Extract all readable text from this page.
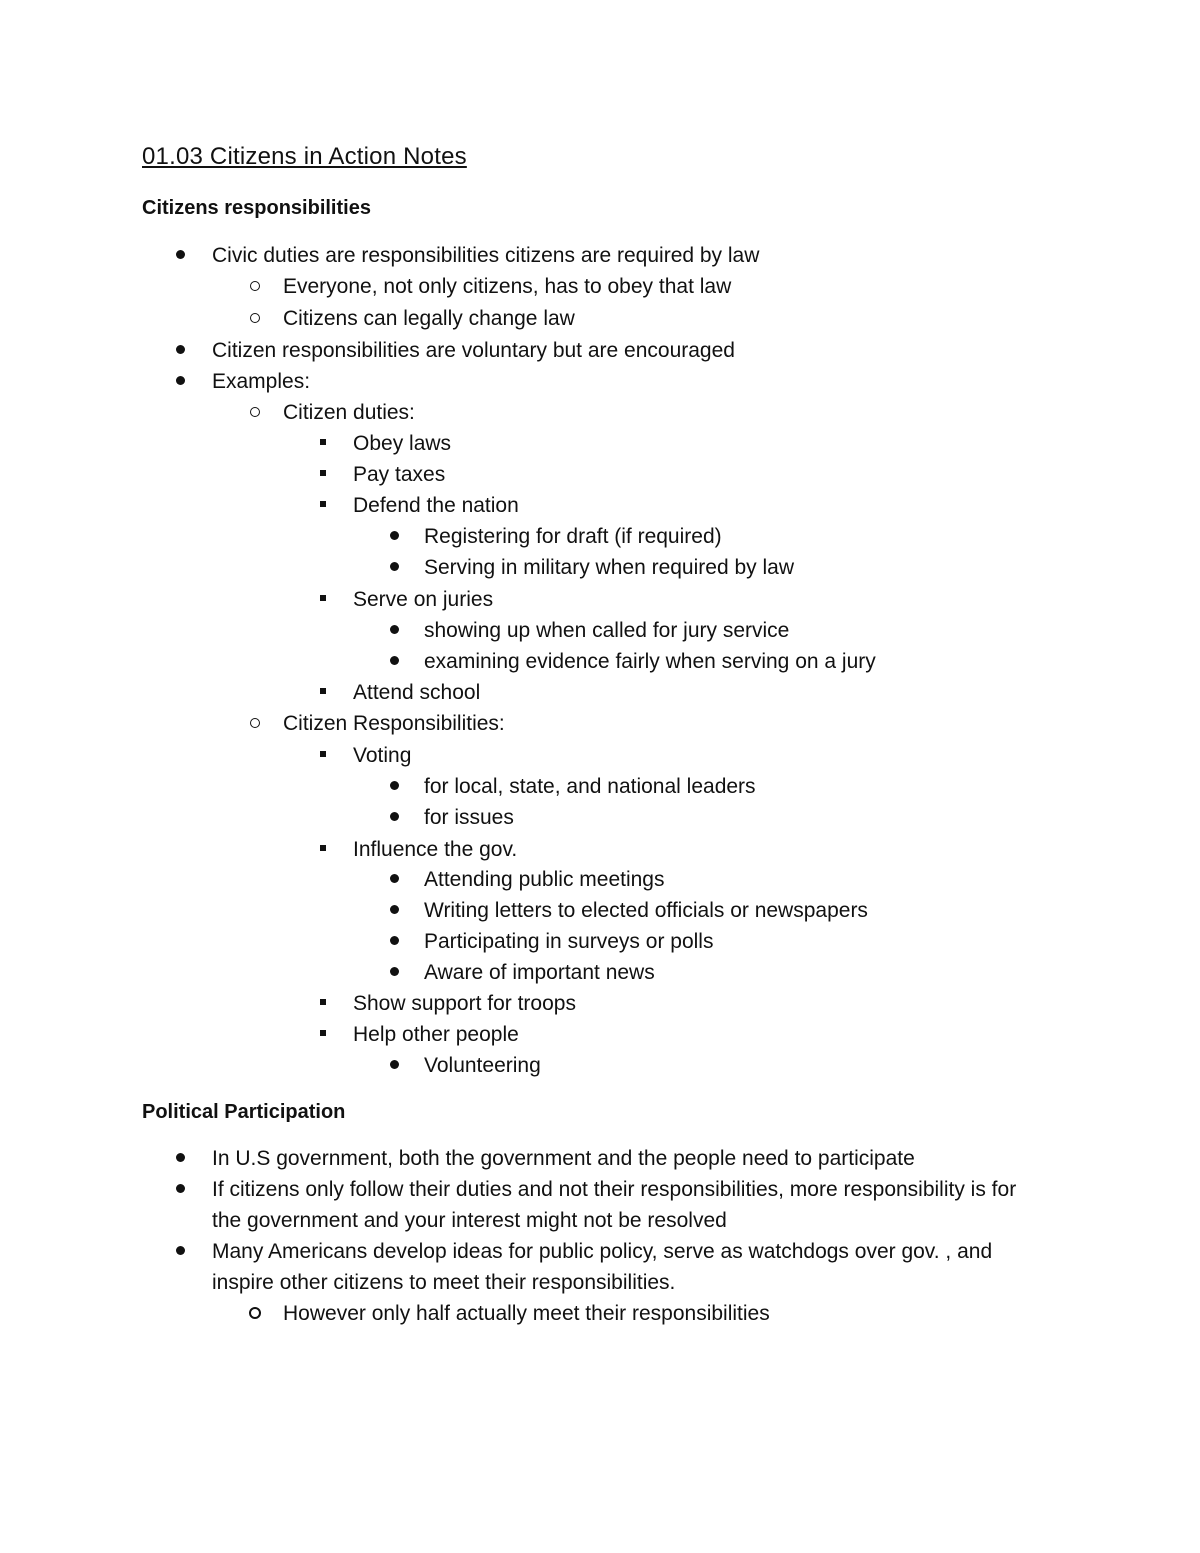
01.03 Citizens in Action Notes
Citizens responsibilities
Civic duties are responsibilities citizens are required by law
Everyone, not only citizens, has to obey that law
Citizens can legally change law
Citizen responsibilities are voluntary but are encouraged
Examples:
Citizen duties:
Obey laws
Pay taxes
Defend the nation
Registering for draft (if required)
Serving in military when required by law
Serve on juries
showing up when called for jury service
examining evidence fairly when serving on a jury
Attend school
Citizen Responsibilities:
Voting
for local, state, and national leaders
for issues
Influence the gov.
Attending public meetings
Writing letters to elected officials or newspapers
Participating in surveys or polls
Aware of important news
Show support for troops
Help other people
Volunteering
Political Participation
In U.S government, both the government and the people need to participate
If citizens only follow their duties and not their responsibilities, more responsibility is for
the government and your interest might not be resolved
Many Americans develop ideas for public policy, serve as watchdogs over gov. , and
inspire other citizens to meet their responsibilities.
However only half actually meet their responsibilities
